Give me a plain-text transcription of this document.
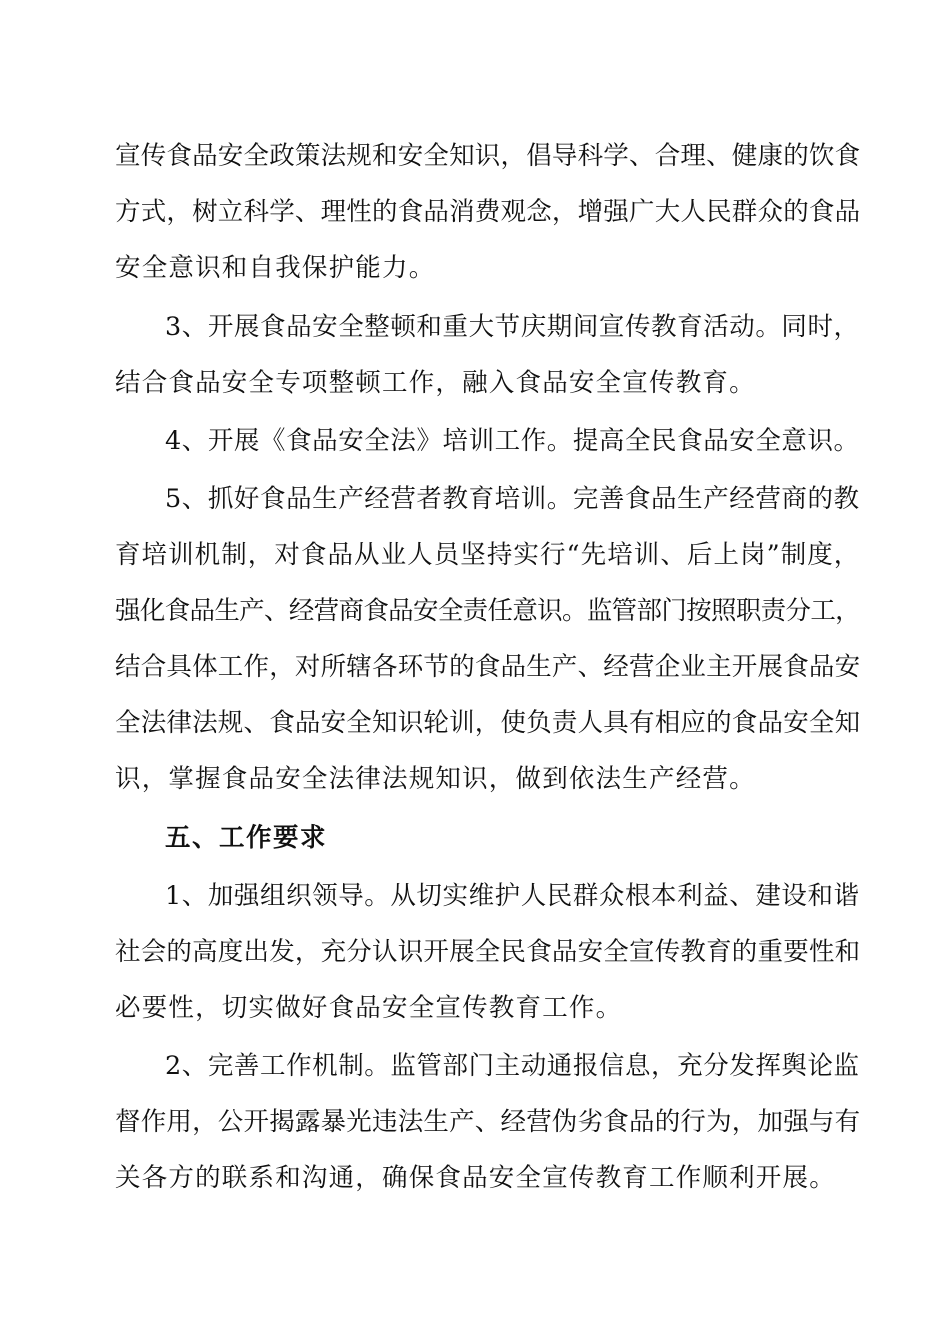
宣传食品安全政策法规和安全知识，倡导科学、合理、健康的饮食
方式，树立科学、理性的食品消费观念，增强广大人民群众的食品
安全意识和自我保护能力。
3、开展食品安全整顿和重大节庆期间宣传教育活动。同时，
结合食品安全专项整顿工作，融入食品安全宣传教育。
4、开展《食品安全法》培训工作。提高全民食品安全意识。
5、抓好食品生产经营者教育培训。完善食品生产经营商的教
育培训机制，对食品从业人员坚持实行“先培训、后上岗”制度，
强化食品生产、经营商食品安全责任意识。监管部门按照职责分工，
结合具体工作，对所辖各环节的食品生产、经营企业主开展食品安
全法律法规、食品安全知识轮训，使负责人具有相应的食品安全知
识，掌握食品安全法律法规知识，做到依法生产经营。
五、工作要求
1、加强组织领导。从切实维护人民群众根本利益、建设和谐
社会的高度出发，充分认识开展全民食品安全宣传教育的重要性和
必要性，切实做好食品安全宣传教育工作。
2、完善工作机制。监管部门主动通报信息，充分发挥舆论监
督作用，公开揭露暴光违法生产、经营伪劣食品的行为，加强与有
关各方的联系和沟通，确保食品安全宣传教育工作顺利开展。
